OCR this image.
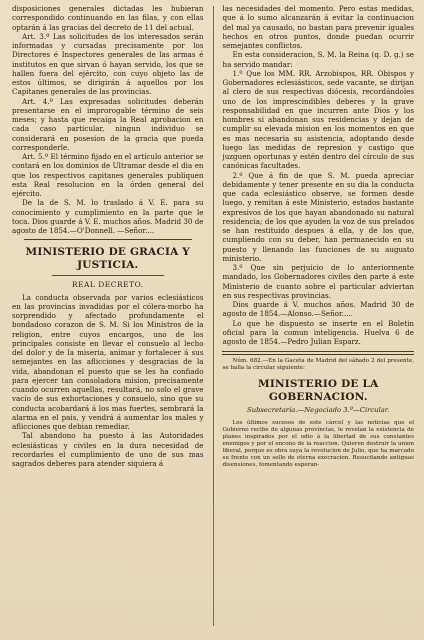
disposiciones generales dictadas les hubieran correspondido continuando en las filas, y con ellas optarán á las gracias del decreto de 11 del actual.

Art. 3.º Las solicitudes de los interesados serán informadas y cursadas precisamente por los Directores é Inspectores generales de las armas é institutos en que sirvan ó hayan servido, los que se hallen fuera del ejército, con cuyo objeto las de estos últimos, se dirigirán á aquellos por los Capitanes generales de las provincias.

Art. 4.º Las expresadas solicitudes deberán presentarse en el improrogable término de seis meses; y hasta que recaiga la Real aprobacion en cada caso particular, ningun individuo se considerará en posesion de la gracia que pueda corresponderle.

Art. 5.º El término fijado en el artículo anterior se contará en los dominios de Ultramar desde el dia en que los respectivos capitanes generales publiquen esta Real resolucion en la órden general del ejército.

De la de S. M. lo traslado á V. E. para su conocimiento y cumplimiento en la parte que le toca. Dios guarde á V. E. muchos años. Madrid 30 de agosto de 1854.—O'Donnell. —Señor....

MINISTERIO DE GRACIA Y JUSTICIA.
REAL DECRETO.

La conducta observada por varios eclesiásticos en las provincias invadidas por el cólera-morbo ha sorprendido y afectado profundamente el bondadoso corazon de S. M. Si los Ministros de la religion, entre cuyos encargos, uno de los principales consiste en llevar el consuelo al lecho del dolor y de la miseria, animar y fortalecer á sus semejantes en las aflicciones y desgracias de la vida, abandonan el puesto que se les ha confiado para ejercer tan consoladora mision, precisamente cuando ocurren aquellas, resultará, no solo el grave vacío de sus exhortaciones y consuelo, sino que su conducta acobardará á los mas fuertes, sembrará la alarma en el pais, y vendrá á aumentar los males y aflicciones que debian remediar.

Tal abandono ha puesto á las Autoridades eclesiásticas y civiles en la dura necesidad de recordarles el cumplimiento de uno de sus mas sagrados deberes para atender siquiera á

las necesidades del momento. Pero estas medidas, que á lo sumo alcanzarán á evitar la continuacion del mal ya causado, no bastan para prevenir iguales hechos en otros puntos, donde puedan ocurrir semejantes conflictos.

En esta consideracion, S. M. la Reina (q. D. g.) se ha servido mandar:

1.º Que los MM. RR. Arzobispos, RR. Obispos y Gobernadores eclesiásticos, sede vacante, se dirijan al clero de sus respectivas diócesis, recordándoles uno de los imprescindibles deberes y la grave responsabilidad en que incurren ante Dios y los hombres si abandonan sus residencias y dejan de cumplir su elevada mision en los momentos en que es mas necesaria su asistencia, adoptando desde luego las medidas de represion y castigo que juzguen oportunas y estén dentro del círculo de sus canónicas facultades.

2.º Que á fin de que S. M. pueda apreciar debidamente y tener presente en su dia la conducta que cada eclesiástico observe, se formen desde luego, y remitan á este Ministerio, estados bastante expresivos de los que hayan abandonado su natural residencia; de los que ayuden la voz de sus prelados se han restituido despues á ella, y de los que, cumpliendo con su deber, han permanecido en su puesto y llenando las funciones de su augusto ministerio.

3.º Que sin perjuicio de lo anteriormente mandado, los Gobernadores civiles den parte á este Ministerio de cuanto sobre el particular adviertan en sus respectivas provincias.

Dios guarde á V. muchos años. Madrid 30 de agosto de 1854.—Alonso.—Señor.....

Lo que he dispuesto se inserte en el Boletin oficial para la comun inteligencia. Huelva 6 de agosto de 1854.—Pedro Julian Esparz.

Núm. 682.—En la Gaceta de Madrid del sábado 2 del presente, se halla la circular siguiente:

MINISTERIO DE LA GOBERNACION.
Subsecretaría.—Negociado 3.º—Circular.

Los últimos sucesos de este cárcel y las noticias que el Gobierno recibe de algunas provincias, le revelan la existencia de planes inspirados por el odio á la libertad de sus constantes enemigos y por el encono de la reaccion. Quieren destruir la union liberal, porque es obra suya la revolucion de Julio, que ha marcado su frente con un sello de eterna execracion. Resucitando antiguas disensiones, fomentando esperan-
